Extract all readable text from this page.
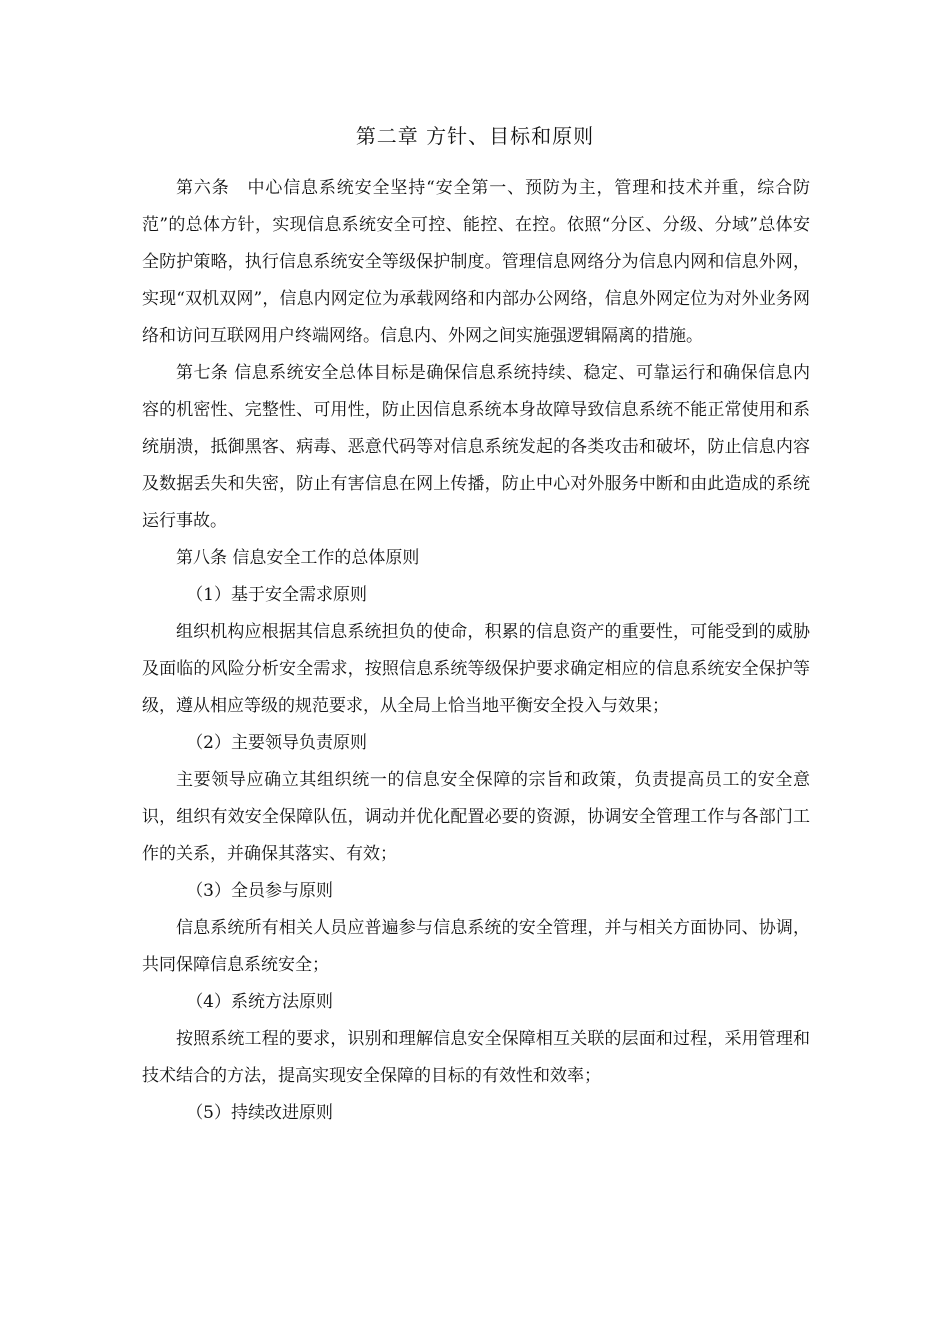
第二章 方针、目标和原则

第六条　中心信息系统安全坚持“安全第一、预防为主，管理和技术并重，综合防范”的总体方针，实现信息系统安全可控、能控、在控。依照“分区、分级、分域”总体安全防护策略，执行信息系统安全等级保护制度。管理信息网络分为信息内网和信息外网，实现“双机双网”，信息内网定位为承载网络和内部办公网络，信息外网定位为对外业务网络和访问互联网用户终端网络。信息内、外网之间实施强逻辑隔离的措施。

第七条 信息系统安全总体目标是确保信息系统持续、稳定、可靠运行和确保信息内容的机密性、完整性、可用性，防止因信息系统本身故障导致信息系统不能正常使用和系统崩溃，抵御黑客、病毒、恶意代码等对信息系统发起的各类攻击和破坏，防止信息内容及数据丢失和失密，防止有害信息在网上传播，防止中心对外服务中断和由此造成的系统运行事故。

第八条 信息安全工作的总体原则

（1）基于安全需求原则

组织机构应根据其信息系统担负的使命，积累的信息资产的重要性，可能受到的威胁及面临的风险分析安全需求，按照信息系统等级保护要求确定相应的信息系统安全保护等级，遵从相应等级的规范要求，从全局上恰当地平衡安全投入与效果；

（2）主要领导负责原则

主要领导应确立其组织统一的信息安全保障的宗旨和政策，负责提高员工的安全意识，组织有效安全保障队伍，调动并优化配置必要的资源，协调安全管理工作与各部门工作的关系，并确保其落实、有效；

（3）全员参与原则

信息系统所有相关人员应普遍参与信息系统的安全管理，并与相关方面协同、协调，共同保障信息系统安全；

（4）系统方法原则

按照系统工程的要求，识别和理解信息安全保障相互关联的层面和过程，采用管理和技术结合的方法，提高实现安全保障的目标的有效性和效率；

（5）持续改进原则
